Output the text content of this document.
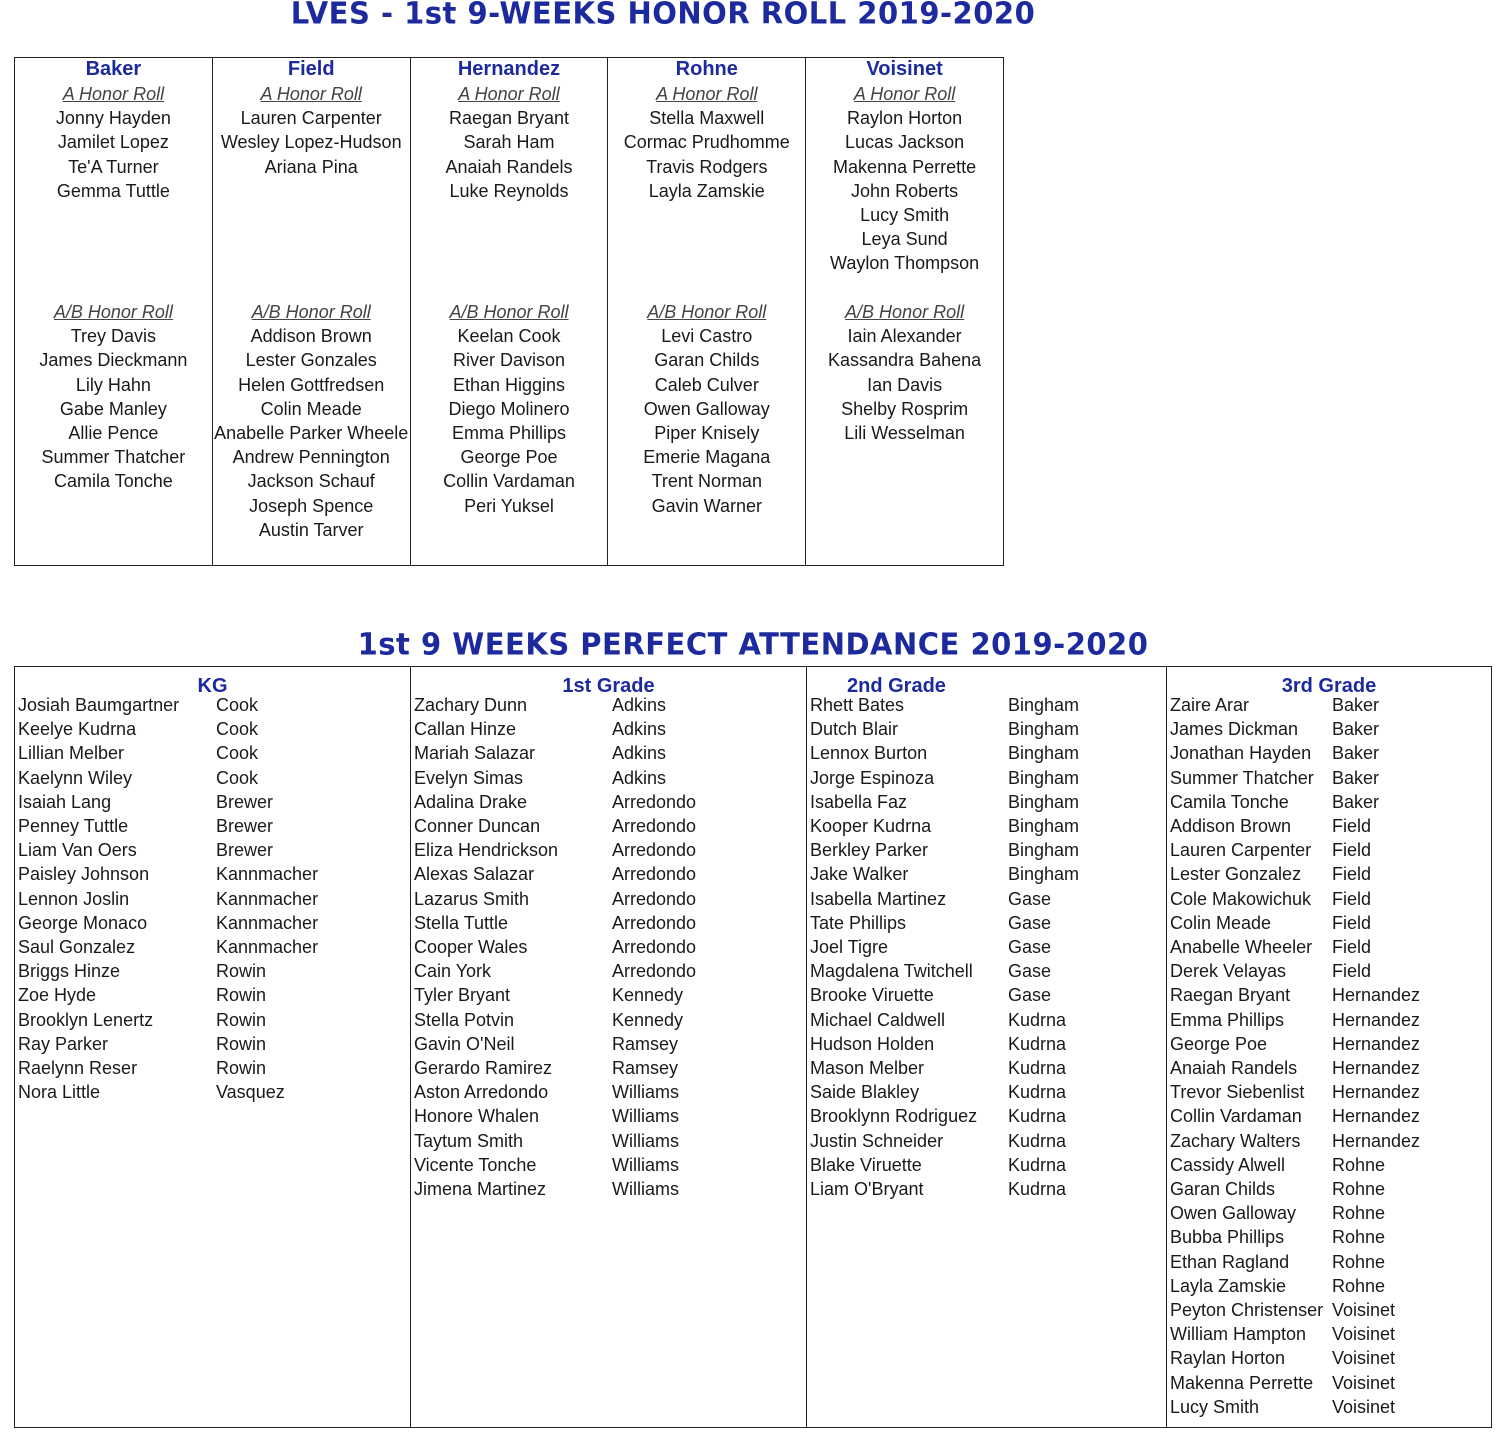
LVES - 1st 9-WEEKS HONOR ROLL 2019-2020
Baker
A Honor Roll
Jonny Hayden
Jamilet Lopez
Te'A Turner
Gemma Tuttle
A/B Honor Roll
Trey Davis
James Dieckmann
Lily Hahn
Gabe Manley
Allie Pence
Summer Thatcher
Camila Tonche
Field
A Honor Roll
Lauren Carpenter
Wesley Lopez-Hudson
Ariana Pina
A/B Honor Roll
Addison Brown
Lester Gonzales
Helen Gottfredsen
Colin Meade
Anabelle Parker Wheele
Andrew Pennington
Jackson Schauf
Joseph Spence
Austin Tarver
Hernandez
A Honor Roll
Raegan Bryant
Sarah Ham
Anaiah Randels
Luke Reynolds
A/B Honor Roll
Keelan Cook
River Davison
Ethan Higgins
Diego Molinero
Emma Phillips
George Poe
Collin Vardaman
Peri Yuksel
Rohne
A Honor Roll
Stella Maxwell
Cormac Prudhomme
Travis Rodgers
Layla Zamskie
A/B Honor Roll
Levi Castro
Garan Childs
Caleb Culver
Owen Galloway
Piper Knisely
Emerie Magana
Trent Norman
Gavin Warner
Voisinet
A Honor Roll
Raylon Horton
Lucas Jackson
Makenna Perrette
John Roberts
Lucy Smith
Leya Sund
Waylon Thompson
A/B Honor Roll
Iain Alexander
Kassandra Bahena
Ian Davis
Shelby Rosprim
Lili Wesselman
1st 9 WEEKS PERFECT ATTENDANCE 2019-2020
KG
Josiah Baumgartner	Cook
Keelye Kudrna	Cook
Lillian Melber	Cook
Kaelynn Wiley	Cook
Isaiah Lang	Brewer
Penney Tuttle	Brewer
Liam Van Oers	Brewer
Paisley Johnson	Kannmacher
Lennon Joslin	Kannmacher
George Monaco	Kannmacher
Saul Gonzalez	Kannmacher
Briggs Hinze	Rowin
Zoe Hyde	Rowin
Brooklyn Lenertz	Rowin
Ray Parker	Rowin
Raelynn Reser	Rowin
Nora Little	Vasquez
1st Grade
Zachary Dunn	Adkins
Callan Hinze	Adkins
Mariah Salazar	Adkins
Evelyn Simas	Adkins
Adalina Drake	Arredondo
Conner Duncan	Arredondo
Eliza Hendrickson	Arredondo
Alexas Salazar	Arredondo
Lazarus Smith	Arredondo
Stella Tuttle	Arredondo
Cooper Wales	Arredondo
Cain York	Arredondo
Tyler Bryant	Kennedy
Stella Potvin	Kennedy
Gavin O'Neil	Ramsey
Gerardo Ramirez	Ramsey
Aston Arredondo	Williams
Honore Whalen	Williams
Taytum Smith	Williams
Vicente Tonche	Williams
Jimena Martinez	Williams
2nd Grade
Rhett Bates	Bingham
Dutch Blair	Bingham
Lennox Burton	Bingham
Jorge Espinoza	Bingham
Isabella Faz	Bingham
Kooper Kudrna	Bingham
Berkley Parker	Bingham
Jake Walker	Bingham
Isabella Martinez	Gase
Tate Phillips	Gase
Joel Tigre	Gase
Magdalena Twitchell	Gase
Brooke Viruette	Gase
Michael Caldwell	Kudrna
Hudson Holden	Kudrna
Mason Melber	Kudrna
Saide Blakley	Kudrna
Brooklynn Rodriguez	Kudrna
Justin Schneider	Kudrna
Blake Viruette	Kudrna
Liam O'Bryant	Kudrna
3rd Grade
Zaire Arar	Baker
James Dickman	Baker
Jonathan Hayden	Baker
Summer Thatcher	Baker
Camila Tonche	Baker
Addison Brown	Field
Lauren Carpenter	Field
Lester Gonzalez	Field
Cole Makowichuk	Field
Colin Meade	Field
Anabelle Wheeler	Field
Derek Velayas	Field
Raegan Bryant	Hernandez
Emma Phillips	Hernandez
George Poe	Hernandez
Anaiah Randels	Hernandez
Trevor Siebenlist	Hernandez
Collin Vardaman	Hernandez
Zachary Walters	Hernandez
Cassidy Alwell	Rohne
Garan Childs	Rohne
Owen Galloway	Rohne
Bubba Phillips	Rohne
Ethan Ragland	Rohne
Layla Zamskie	Rohne
Peyton Christenser Voisinet
William Hampton	Voisinet
Raylan Horton	Voisinet
Makenna Perrette	Voisinet
Lucy Smith	Voisinet
